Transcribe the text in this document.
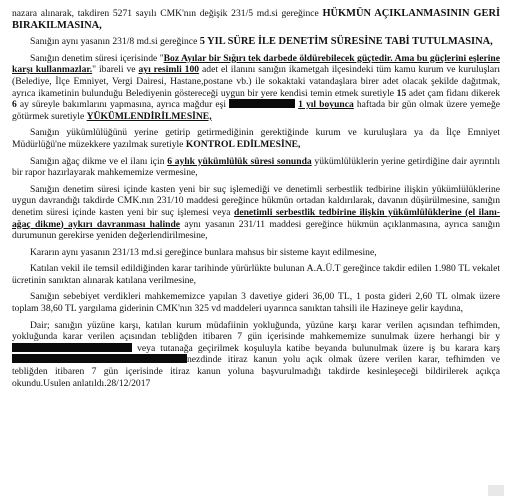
nazara alınarak, takdiren 5271 sayılı CMK'nın değişik 231/5 md.si gereğince HÜKMÜN AÇIKLANMASININ GERİ BIRAKILMASINA,

Sanığın aynı yasanın 231/8 md.si gereğince 5 YIL SÜRE İLE DENETİM SÜRESİNE TABİ TUTULMASINA,

Sanığın denetim süresi içerisinde "Boz Ayılar bir Sığırı tek darbede öldürebilecek güçtedir. Ama bu güçlerini eşlerine karşı kullanmazlar." ibareli ve ayı resimli 100 adet el ilanını sanığın ikametgah ilçesindeki tüm kamu kurum ve kuruluşları (Belediye, İlçe Emniyet, Vergi Dairesi, Hastane,postane vb.) ile sokaktaki vatandaşlara birer adet olacak şekilde dağıtmak, ayrıca ikametinin bulunduğu Belediyenin göstereceği uygun bir yere kendisi temin etmek suretiyle 15 adet çam fidanı dikerek 6 ay süreyle bakımlarını yapmasına, ayrıca mağdur eşi	1 yıl boyunca haftada bir gün olmak üzere yemeğe götürmek suretiyle YÜKÜMLENDİRİLMESİNE,

Sanığın yükümlülüğünü yerine getirip getirmediğinin gerektiğinde kurum ve kuruluşlara ya da İlçe Emniyet Müdürlüğü'ne müzekkere yazılmak suretiyle KONTROL EDİLMESİNE,

Sanığın ağaç dikme ve el ilanı için 6 aylık yükümlülük süresi sonunda yükümlülüklerin yerine getirdiğine dair ayrıntılı bir rapor hazırlayarak mahkememize vermesine,

Sanığın denetim süresi içinde kasten yeni bir suç işlemediği ve denetimli serbestlik tedbirine ilişkin yükümlülüklerine uygun davrandığı takdirde CMK.nın 231/10 maddesi gereğince hükmün ortadan kaldırılarak, davanın düşürülmesine, sanığın denetim süresi içinde kasten yeni bir suç işlemesi veya denetimli serbestlik tedbirine ilişkin yükümlülüklerine (el ilanı-ağaç dikme) aykırı davranması halinde aynı yasanın 231/11 maddesi gereğince hükmün açıklanmasına, ayrıca sanığın durumunun gerekirse yeniden değerlendirilmesine,

Kararın aynı yasanın 231/13 md.si gereğince bunlara mahsus bir sisteme kayıt edilmesine,

Katılan vekil ile temsil edildiğinden karar tarihinde yürürlükte bulunan A.A.Ü.T gereğince takdir edilen 1.980 TL vekalet ücretinin sanıktan alınarak katılana verilmesine,

Sanığın sebebiyet verdikleri mahkememizce yapılan 3 davetiye gideri 36,00 TL, 1 posta gideri 2,60 TL olmak üzere toplam 38,60 TL yargılama giderinin CMK'nın 325 vd maddeleri uyarınca sanıktan tahsili ile Hazineye gelir kaydına,

Dair; sanığın yüzüne karşı, katılan kurum müdafiinin yokluğunda, yüzüne karşı karar verilen açısından tefhimden, yokluğunda karar verilen açısından tebliğden itibaren 7 gün içerisinde mahkememize sunulmak üzere herhangi bir y veya tutanağa geçirilmek koşuluyla katibe beyanda bulunulmak üzere iş bu karara karşnezdinde itiraz kanun yolu açık olmak üzere verilen karar, tefhimden ve tebliğden itibaren 7 gün içerisinde itiraz kanun yoluna başvurulmadığı takdirde kesinleşeceği bildirilerek açıkça okundu.Usulen anlatıldı.28/12/2017
